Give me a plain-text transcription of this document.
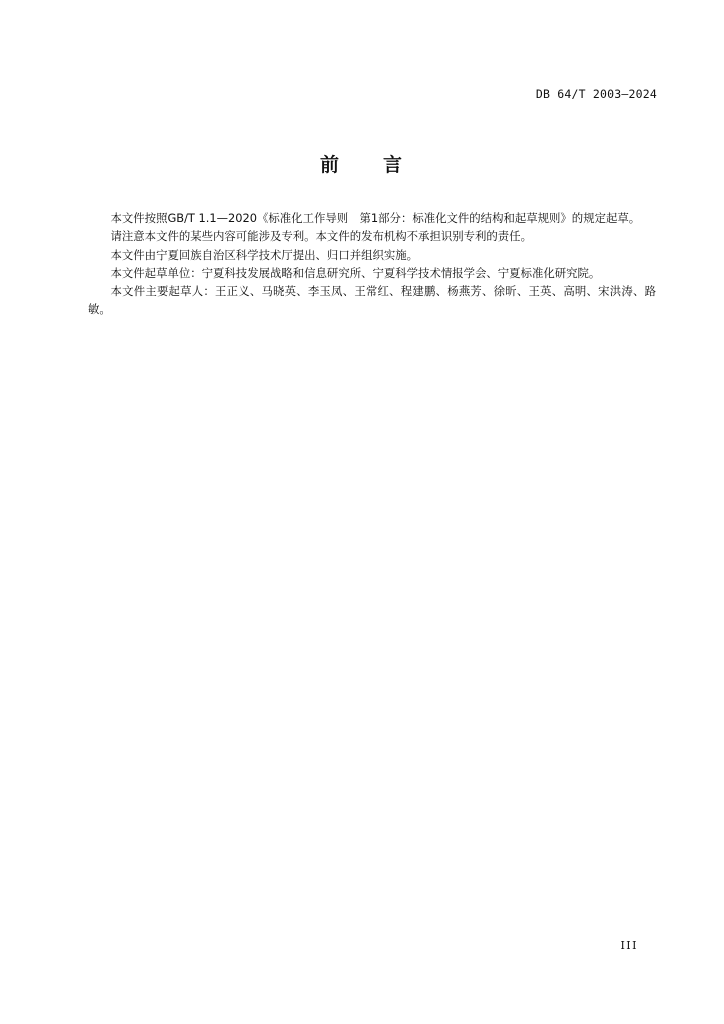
DB 64/T 2003—2024
前 言

本文件按照GB/T 1.1—2020《标准化工作导则　第1部分：标准化文件的结构和起草规则》的规定起草。

请注意本文件的某些内容可能涉及专利。本文件的发布机构不承担识别专利的责任。

本文件由宁夏回族自治区科学技术厅提出、归口并组织实施。

本文件起草单位：宁夏科技发展战略和信息研究所、宁夏科学技术情报学会、宁夏标准化研究院。

本文件主要起草人：王正义、马晓英、李玉凤、王常红、程建鹏、杨燕芳、徐昕、王英、高明、宋洪涛、路敏。

III
